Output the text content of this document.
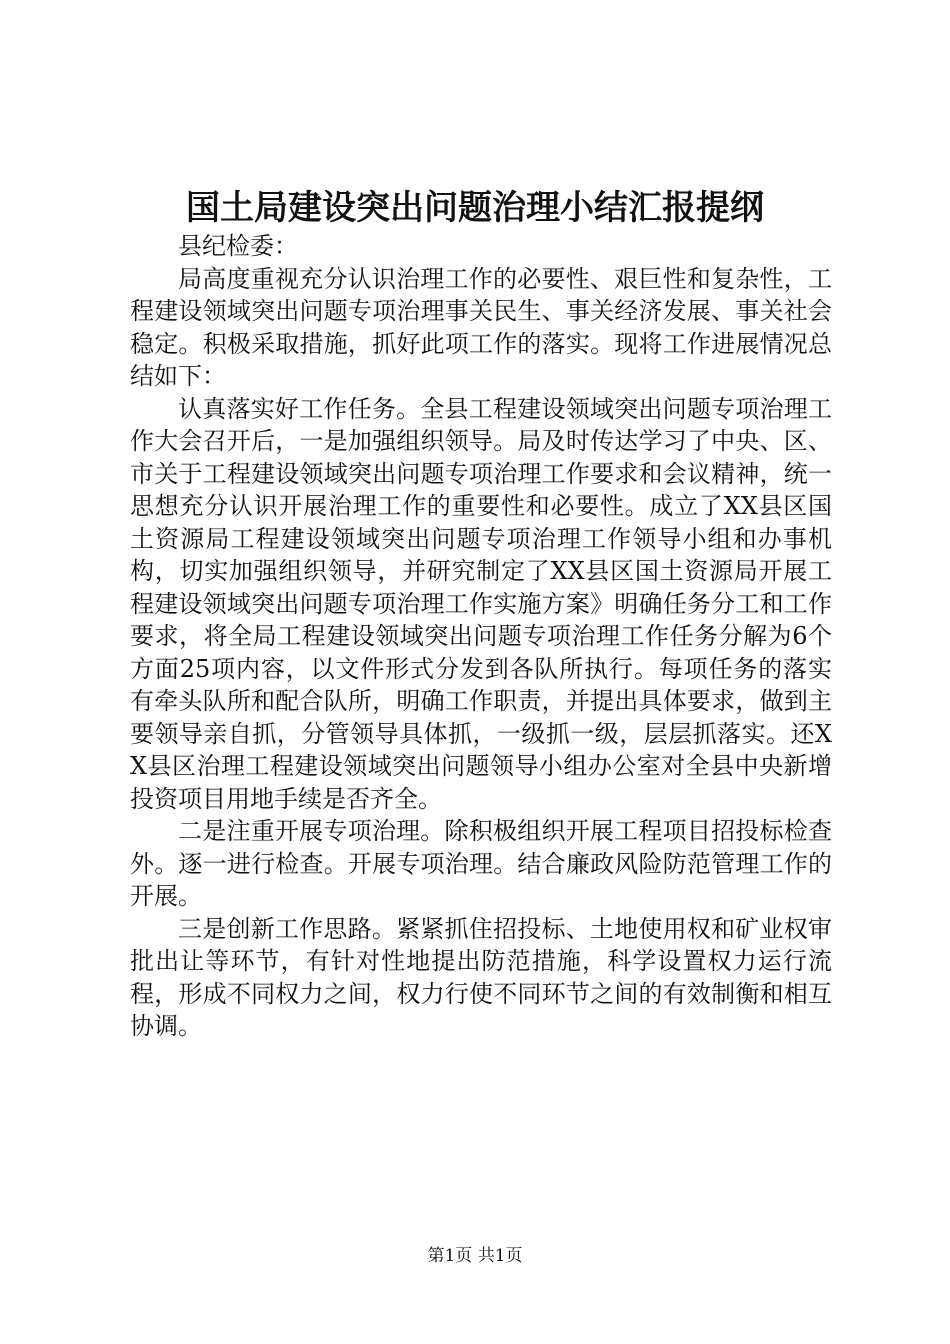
国土局建设突出问题治理小结汇报提纲

县纪检委：

局高度重视充分认识治理工作的必要性、艰巨性和复杂性，工程建设领域突出问题专项治理事关民生、事关经济发展、事关社会稳定。积极采取措施，抓好此项工作的落实。现将工作进展情况总结如下：

认真落实好工作任务。全县工程建设领域突出问题专项治理工作大会召开后，一是加强组织领导。局及时传达学习了中央、区、市关于工程建设领域突出问题专项治理工作要求和会议精神，统一思想充分认识开展治理工作的重要性和必要性。成立了XX县区国土资源局工程建设领域突出问题专项治理工作领导小组和办事机构，切实加强组织领导，并研究制定了XX县区国土资源局开展工程建设领域突出问题专项治理工作实施方案》明确任务分工和工作要求，将全局工程建设领域突出问题专项治理工作任务分解为6个方面25项内容，以文件形式分发到各队所执行。每项任务的落实有牵头队所和配合队所，明确工作职责，并提出具体要求，做到主要领导亲自抓，分管领导具体抓，一级抓一级，层层抓落实。还XX县区治理工程建设领域突出问题领导小组办公室对全县中央新增投资项目用地手续是否齐全。

二是注重开展专项治理。除积极组织开展工程项目招投标检查外。逐一进行检查。开展专项治理。结合廉政风险防范管理工作的开展。

三是创新工作思路。紧紧抓住招投标、土地使用权和矿业权审批出让等环节，有针对性地提出防范措施，科学设置权力运行流程，形成不同权力之间，权力行使不同环节之间的有效制衡和相互协调。

第1页 共1页
